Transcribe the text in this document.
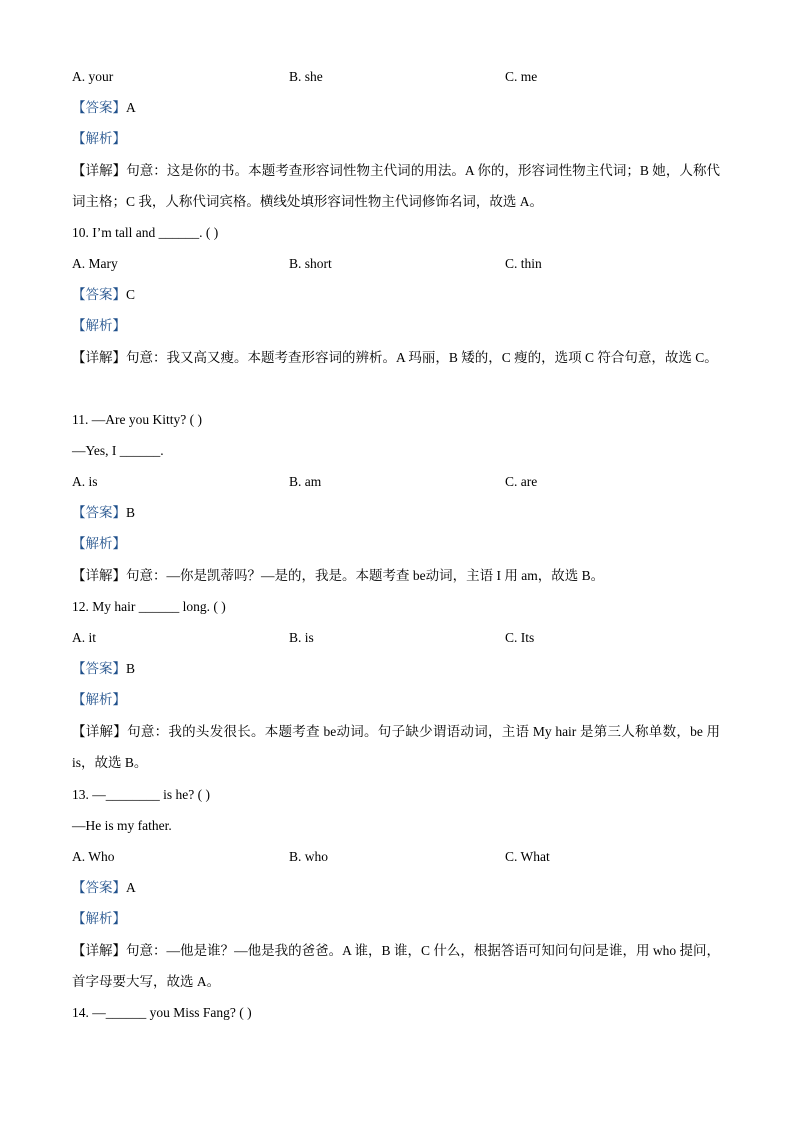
A. your	B. she	C. me
【答案】A
【解析】
【详解】句意：这是你的书。本题考查形容词性物主代词的用法。A 你的，形容词性物主代词；B 她，人称代词主格；C 我，人称代词宾格。横线处填形容词性物主代词修饰名词，故选 A。
10. I’m tall and ______. ( )
A. Mary	B. short	C. thin
【答案】C
【解析】
【详解】句意：我又高又瘦。本题考查形容词的辨析。A 玛丽，B 矮的，C 瘦的，选项 C 符合句意，故选 C。
11. —Are you Kitty? ( )
—Yes, I ______.
A. is	B. am	C. are
【答案】B
【解析】
【详解】句意：—你是凯蒂吗？—是的，我是。本题考查 be动词，主语 I 用 am，故选 B。
12. My hair ______ long. ( )
A. it	B. is	C. Its
【答案】B
【解析】
【详解】句意：我的头发很长。本题考查 be动词。句子缺少谓语动词，主语 My hair 是第三人称单数，be 用 is，故选 B。
13. —________ is he? ( )
—He is my father.
A. Who	B. who	C. What
【答案】A
【解析】
【详解】句意：—他是谁？—他是我的爸爸。A 谁，B 谁，C 什么，根据答语可知问句问是谁，用 who 提问，首字母要大写，故选 A。
14. —______ you Miss Fang? ( )
